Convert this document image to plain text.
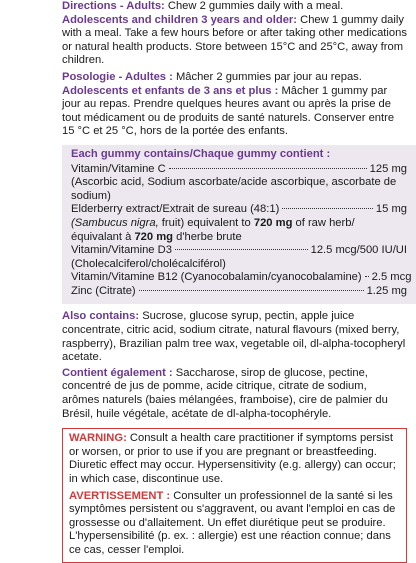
Directions - Adults: Chew 2 gummies daily with a meal. Adolescents and children 3 years and older: Chew 1 gummy daily with a meal. Take a few hours before or after taking other medications or natural health products. Store between 15°C and 25°C, away from children.

Posologie - Adultes : Mâcher 2 gummies par jour au repas. Adolescents et enfants de 3 ans et plus : Mâcher 1 gummy par jour au repas. Prendre quelques heures avant ou après la prise de tout médicament ou de produits de santé naturels. Conserver entre 15 °C et 25 °C, hors de la portée des enfants.

Each gummy contains/Chaque gummy contient :

Vitamin/Vitamine C	125 mg

(Ascorbic acid, Sodium ascorbate/acide ascorbique, ascorbate de sodium)

Elderberry extract/Extrait de sureau (48:1)	15 mg

(Sambucus nigra, fruit) equivalent to 720 mg of raw herb/
équivalant à 720 mg d'herbe brute

Vitamin/Vitamine D3	12.5 mcg/500 IU/UI

(Cholecalciferol/cholécalciférol)

Vitamin/Vitamine B12 (Cyanocobalamin/cyanocobalamine) 2.5 mcg
Zinc (Citrate)	1.25 mg

Also contains: Sucrose, glucose syrup, pectin, apple juice concentrate, citric acid, sodium citrate, natural flavours (mixed berry, raspberry), Brazilian palm tree wax, vegetable oil, dl-alpha-tocopheryl acetate.

Contient également : Saccharose, sirop de glucose, pectine, concentré de jus de pomme, acide citrique, citrate de sodium, arômes naturels (baies mélangées, framboise), cire de palmier du Brésil, huile végétale, acétate de dl-alpha-tocophéryle.

WARNING: Consult a health care practitioner if symptoms persist or worsen, or prior to use if you are pregnant or breastfeeding. Diuretic effect may occur. Hypersensitivity (e.g. allergy) can occur; in which case, discontinue use.

AVERTISSEMENT : Consulter un professionnel de la santé si les symptômes persistent ou s'aggravent, ou avant l'emploi en cas de grossesse ou d'allaitement. Un effet diurétique peut se produire. L'hypersensibilité (p. ex. : allergie) est une réaction connue; dans ce cas, cesser l'emploi.
